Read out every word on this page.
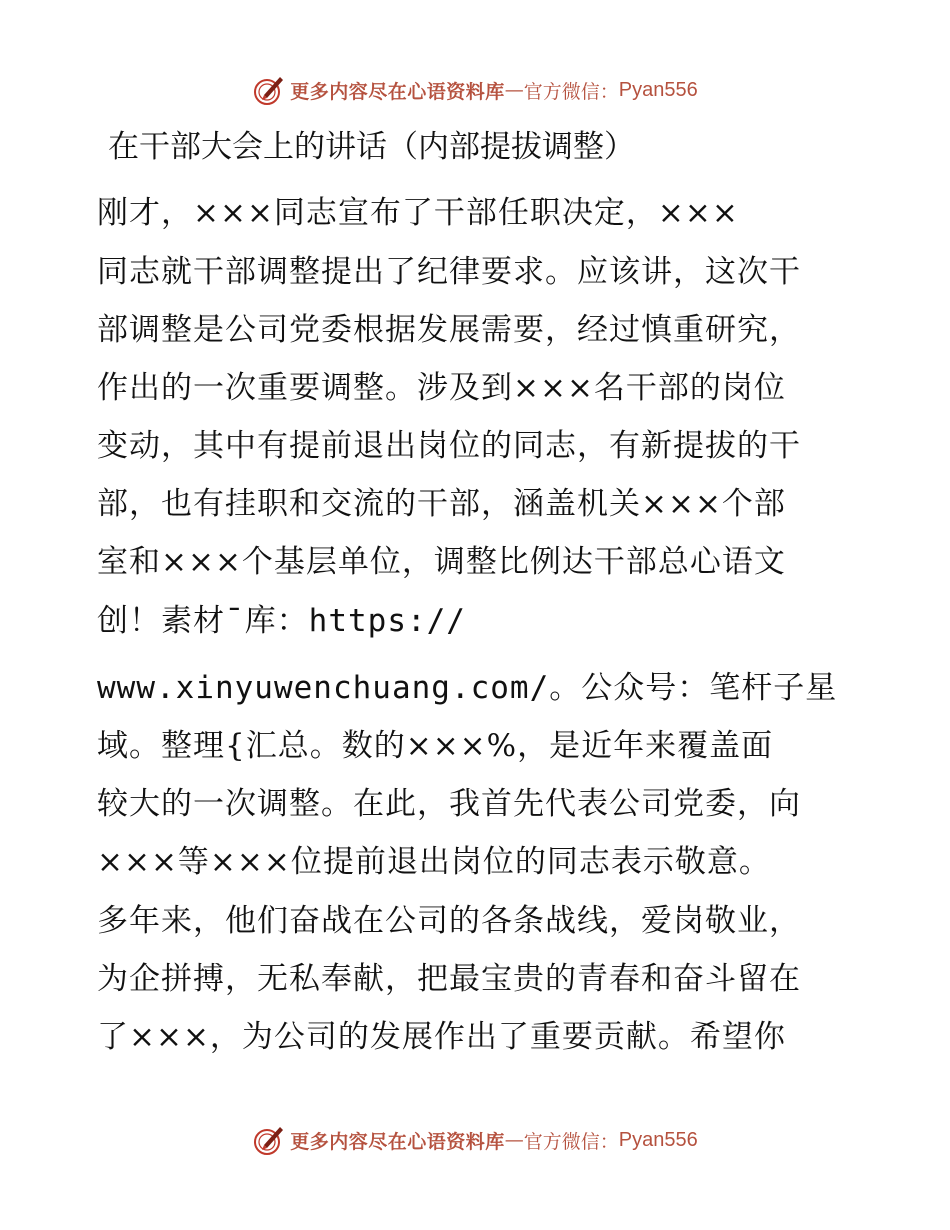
更多内容尽在心语资料库 — 官方微信： Pyan556
在干部大会上的讲话（内部提拔调整）
刚才，×××同志宣布了干部任职决定，×××
同志就干部调整提出了纪律要求。应该讲，这次干
部调整是公司党委根据发展需要，经过慎重研究，
作出的一次重要调整。涉及到×××名干部的岗位
变动，其中有提前退出岗位的同志，有新提拔的干
部，也有挂职和交流的干部，涵盖机关×××个部
室和×××个基层单位，调整比例达干部总心语文
创！素材¯库：https://
www.xinyuwenchuang.com/。公众号：笔杆子星
域。整理{汇总。数的×××%，是近年来覆盖面
较大的一次调整。在此，我首先代表公司党委，向
×××等×××位提前退出岗位的同志表示敬意。
多年来，他们奋战在公司的各条战线，爱岗敬业，
为企拼搏，无私奉献，把最宝贵的青春和奋斗留在
了×××，为公司的发展作出了重要贡献。希望你
更多内容尽在心语资料库 — 官方微信： Pyan556
